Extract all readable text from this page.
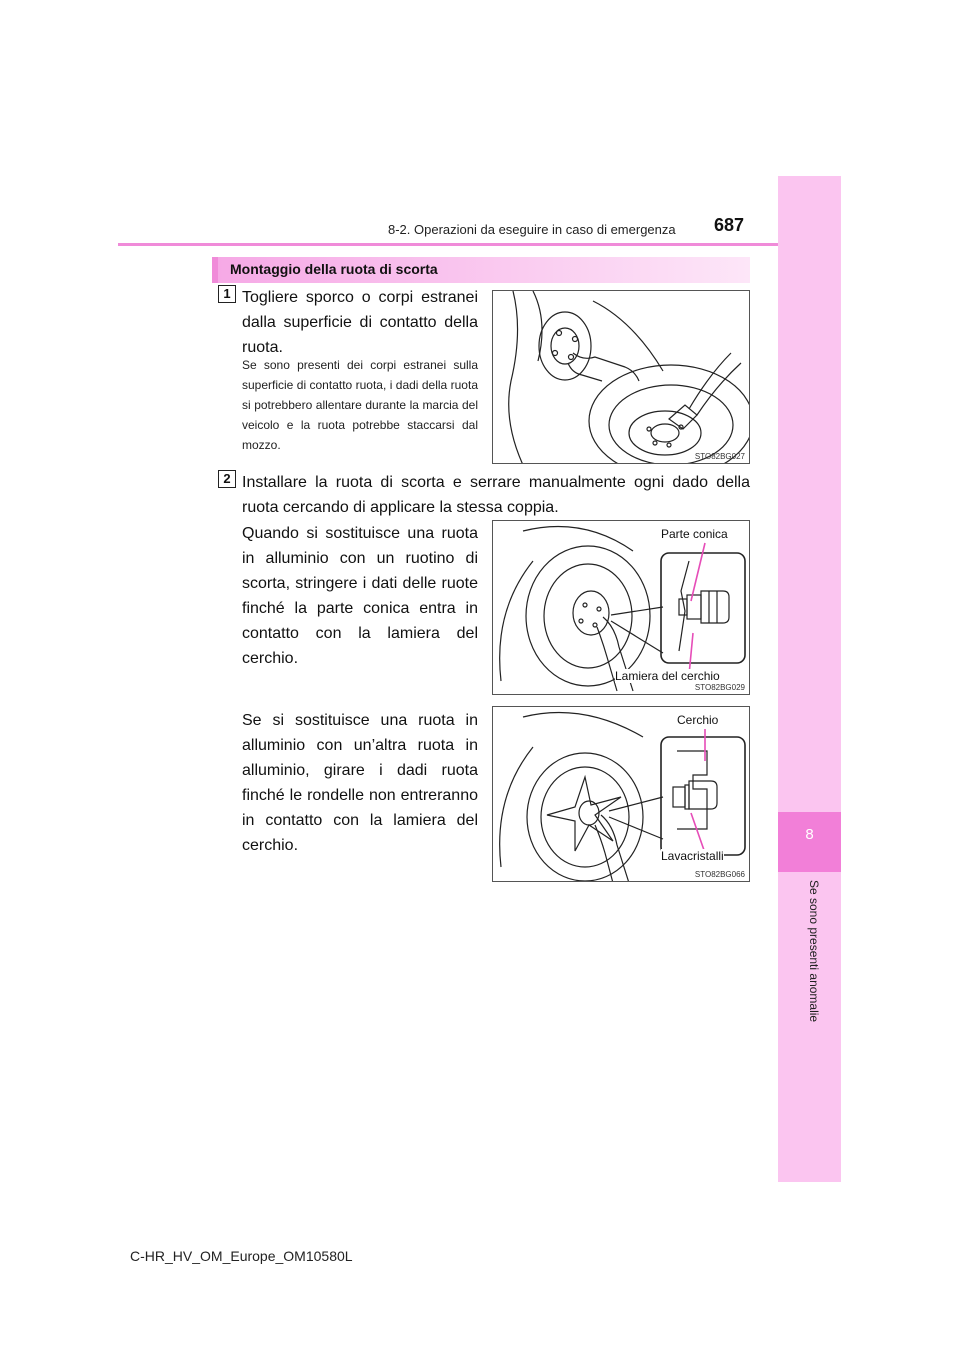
8-2. Operazioni da eseguire in caso di emergenza 687
8
Se sono presenti anomalie
Montaggio della ruota di scorta
1 Togliere sporco o corpi estranei dalla superficie di contatto della ruota.
Se sono presenti dei corpi estranei sulla superficie di contatto ruota, i dadi della ruota si potrebbero allentare durante la marcia del veicolo e la ruota potrebbe staccarsi dal mozzo.
STO82BG027
2 Installare la ruota di scorta e serrare manualmente ogni dado della ruota cercando di applicare la stessa coppia.
Quando si sostituisce una ruota in alluminio con un ruotino di scorta, stringere i dati delle ruote finché la parte conica entra in contatto con la lamiera del cerchio.
Parte conica
Lamiera del cerchio
STO82BG029
Se si sostituisce una ruota in alluminio con un’altra ruota in alluminio, girare i dadi ruota finché le rondelle non entreranno in contatto con la lamiera del cerchio.
Cerchio
Lavacristalli
STO82BG066
C-HR_HV_OM_Europe_OM10580L
